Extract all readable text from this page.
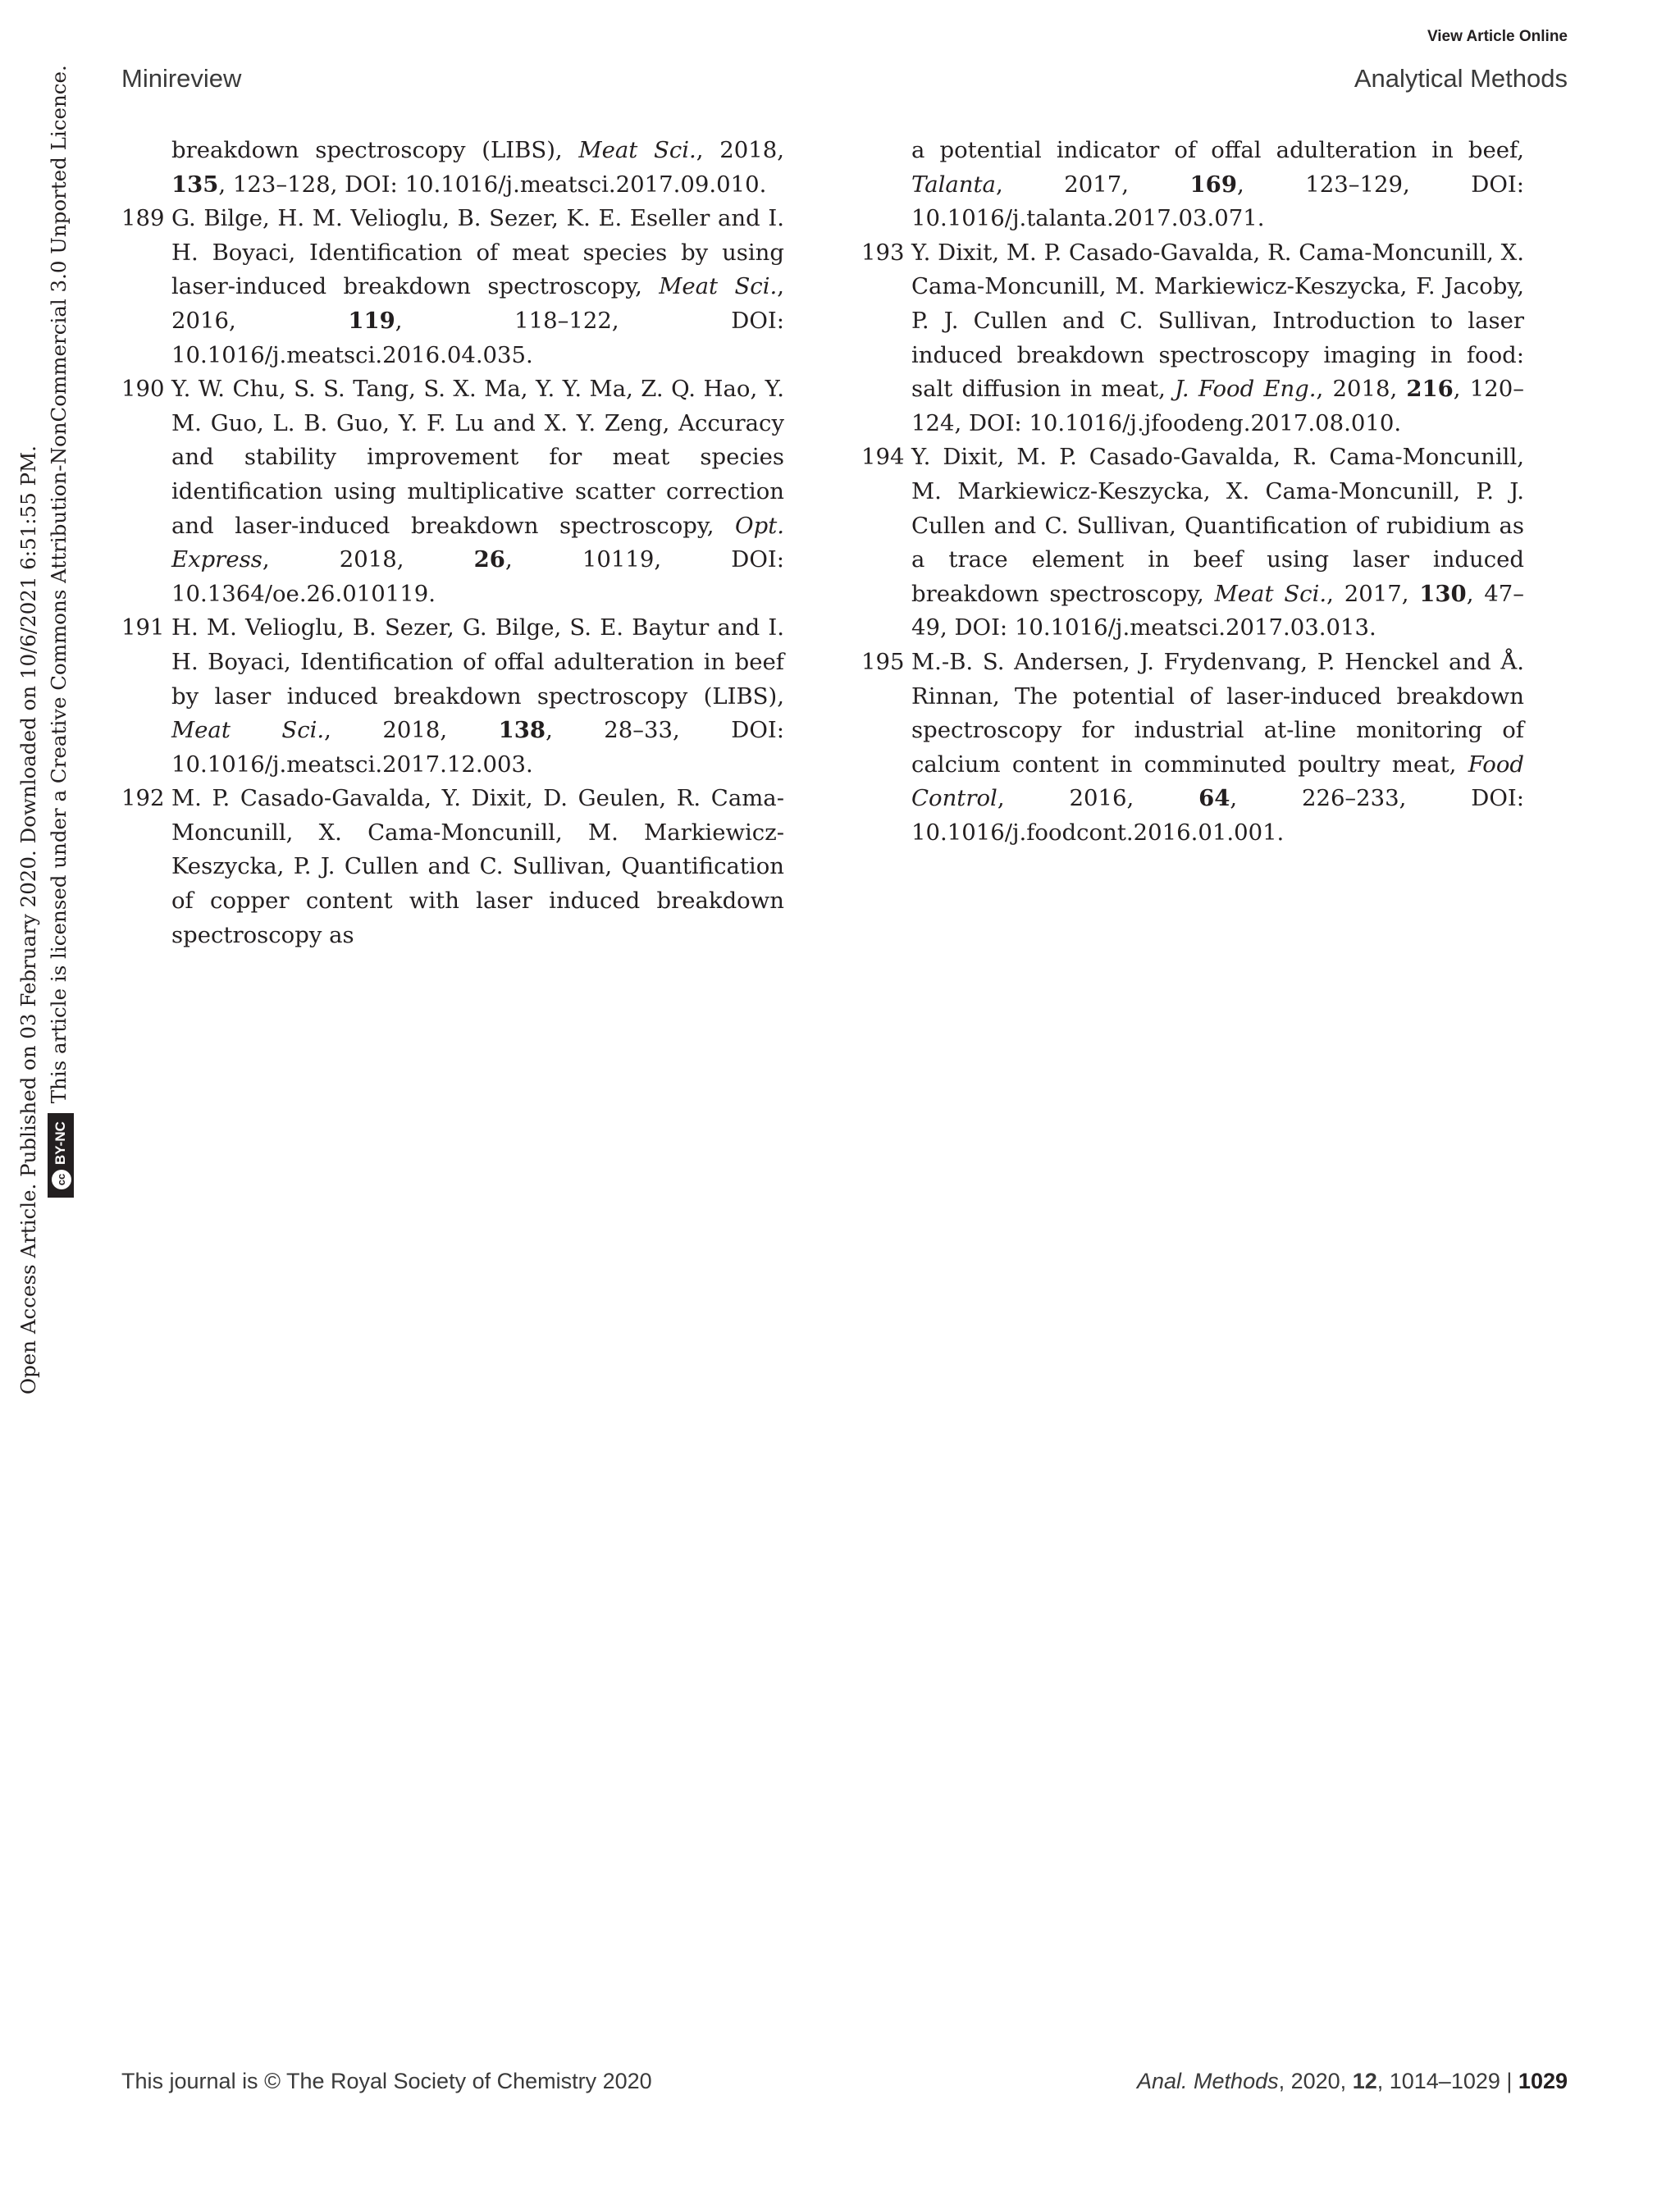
View Article Online
Minireview	Analytical Methods
Open Access Article. Published on 03 February 2020. Downloaded on 10/6/2021 6:51:55 PM.	ccBY-NC This article is licensed under a Creative Commons Attribution-NonCommercial 3.0 Unported Licence.	breakdown spectroscopy (LIBS), Meat Sci., 2018, 135, 123–128, DOI: 10.1016/j.meatsci.2017.09.010.
189 G. Bilge, H. M. Velioglu, B. Sezer, K. E. Eseller and I. H. Boyaci, Identification of meat species by using laser-induced breakdown spectroscopy, Meat Sci., 2016, 119, 118–122, DOI: 10.1016/j.meatsci.2016.04.035.
190 Y. W. Chu, S. S. Tang, S. X. Ma, Y. Y. Ma, Z. Q. Hao, Y. M. Guo, L. B. Guo, Y. F. Lu and X. Y. Zeng, Accuracy and stability improvement for meat species identification using multiplicative scatter correction and laser-induced breakdown spectroscopy, Opt. Express, 2018, 26, 10119, DOI: 10.1364/oe.26.010119.
191 H. M. Velioglu, B. Sezer, G. Bilge, S. E. Baytur and I. H. Boyaci, Identification of offal adulteration in beef by laser induced breakdown spectroscopy (LIBS), Meat Sci., 2018, 138, 28–33, DOI: 10.1016/j.meatsci.2017.12.003.
192 M. P. Casado-Gavalda, Y. Dixit, D. Geulen, R. Cama-Moncunill, X. Cama-Moncunill, M. Markiewicz-Keszycka, P. J. Cullen and C. Sullivan, Quantification of copper content with laser induced breakdown spectroscopy as
a potential indicator of offal adulteration in beef, Talanta, 2017, 169, 123–129, DOI: 10.1016/j.talanta.2017.03.071.
193 Y. Dixit, M. P. Casado-Gavalda, R. Cama-Moncunill, X. Cama-Moncunill, M. Markiewicz-Keszycka, F. Jacoby, P. J. Cullen and C. Sullivan, Introduction to laser induced breakdown spectroscopy imaging in food: salt diffusion in meat, J. Food Eng., 2018, 216, 120–124, DOI: 10.1016/j.jfoodeng.2017.08.010.
194 Y. Dixit, M. P. Casado-Gavalda, R. Cama-Moncunill, M. Markiewicz-Keszycka, X. Cama-Moncunill, P. J. Cullen and C. Sullivan, Quantification of rubidium as a trace element in beef using laser induced breakdown spectroscopy, Meat Sci., 2017, 130, 47–49, DOI: 10.1016/j.meatsci.2017.03.013.
195 M.-B. S. Andersen, J. Frydenvang, P. Henckel and Å. Rinnan, The potential of laser-induced breakdown spectroscopy for industrial at-line monitoring of calcium content in comminuted poultry meat, Food Control, 2016, 64, 226–233, DOI: 10.1016/j.foodcont.2016.01.001.
This journal is © The Royal Society of Chemistry 2020	Anal. Methods, 2020, 12, 1014–1029 | 1029
